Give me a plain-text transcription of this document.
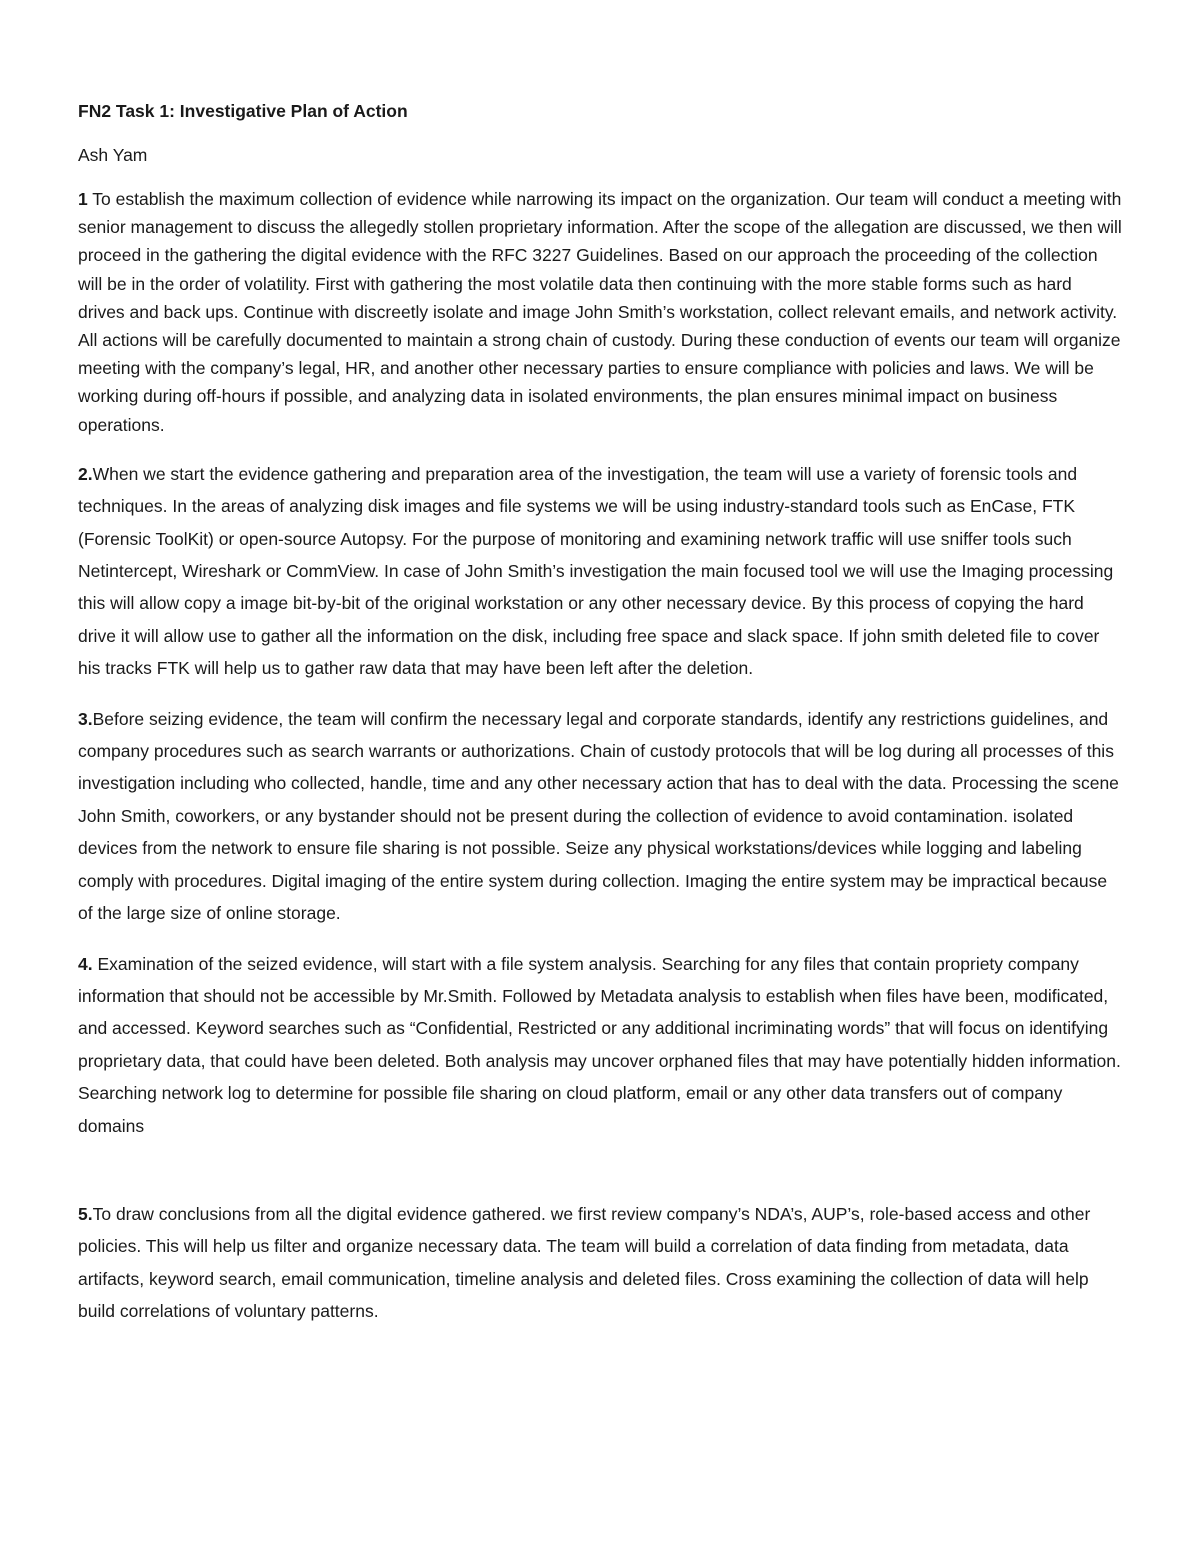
FN2 Task 1: Investigative Plan of Action

Ash Yam

1 To establish the maximum collection of evidence while narrowing its impact on the organization. Our team will conduct a meeting with senior management to discuss the allegedly stollen proprietary information. After the scope of the allegation are discussed, we then will proceed in the gathering the digital evidence with the RFC 3227 Guidelines. Based on our approach the proceeding of the collection will be in the order of volatility. First with gathering the most volatile data then continuing with the more stable forms such as hard drives and back ups. Continue with discreetly isolate and image John Smith’s workstation, collect relevant emails, and network activity. All actions will be carefully documented to maintain a strong chain of custody. During these conduction of events our team will organize meeting with the company’s legal, HR, and another other necessary parties to ensure compliance with policies and laws. We will be working during off-hours if possible, and analyzing data in isolated environments, the plan ensures minimal impact on business operations.

2.When we start the evidence gathering and preparation area of the investigation, the team will use a variety of forensic tools and techniques. In the areas of analyzing disk images and file systems we will be using industry-standard tools such as EnCase, FTK (Forensic ToolKit) or open-source Autopsy. For the purpose of monitoring and examining network traffic will use sniffer tools such Netintercept, Wireshark or CommView. In case of John Smith’s investigation the main focused tool we will use the Imaging processing this will allow copy a image bit-by-bit of the original workstation or any other necessary device. By this process of copying the hard drive it will allow use to gather all the information on the disk, including free space and slack space. If john smith deleted file to cover his tracks FTK will help us to gather raw data that may have been left after the deletion.

3.Before seizing evidence, the team will confirm the necessary legal and corporate standards, identify any restrictions guidelines, and company procedures such as search warrants or authorizations. Chain of custody protocols that will be log during all processes of this investigation including who collected, handle, time and any other necessary action that has to deal with the data. Processing the scene John Smith, coworkers, or any bystander should not be present during the collection of evidence to avoid contamination. isolated devices from the network to ensure file sharing is not possible. Seize any physical workstations/devices while logging and labeling comply with procedures. Digital imaging of the entire system during collection. Imaging the entire system may be impractical because of the large size of online storage.

4. Examination of the seized evidence, will start with a file system analysis. Searching for any files that contain propriety company information that should not be accessible by Mr.Smith. Followed by Metadata analysis to establish when files have been, modificated, and accessed. Keyword searches such as “Confidential, Restricted or any additional incriminating words” that will focus on identifying proprietary data, that could have been deleted. Both analysis may uncover orphaned files that may have potentially hidden information. Searching network log to determine for possible file sharing on cloud platform, email or any other data transfers out of company domains

5.To draw conclusions from all the digital evidence gathered. we first review company’s NDA’s, AUP’s, role-based access and other policies. This will help us filter and organize necessary data. The team will build a correlation of data finding from metadata, data artifacts, keyword search, email communication, timeline analysis and deleted files. Cross examining the collection of data will help build correlations of voluntary patterns.
